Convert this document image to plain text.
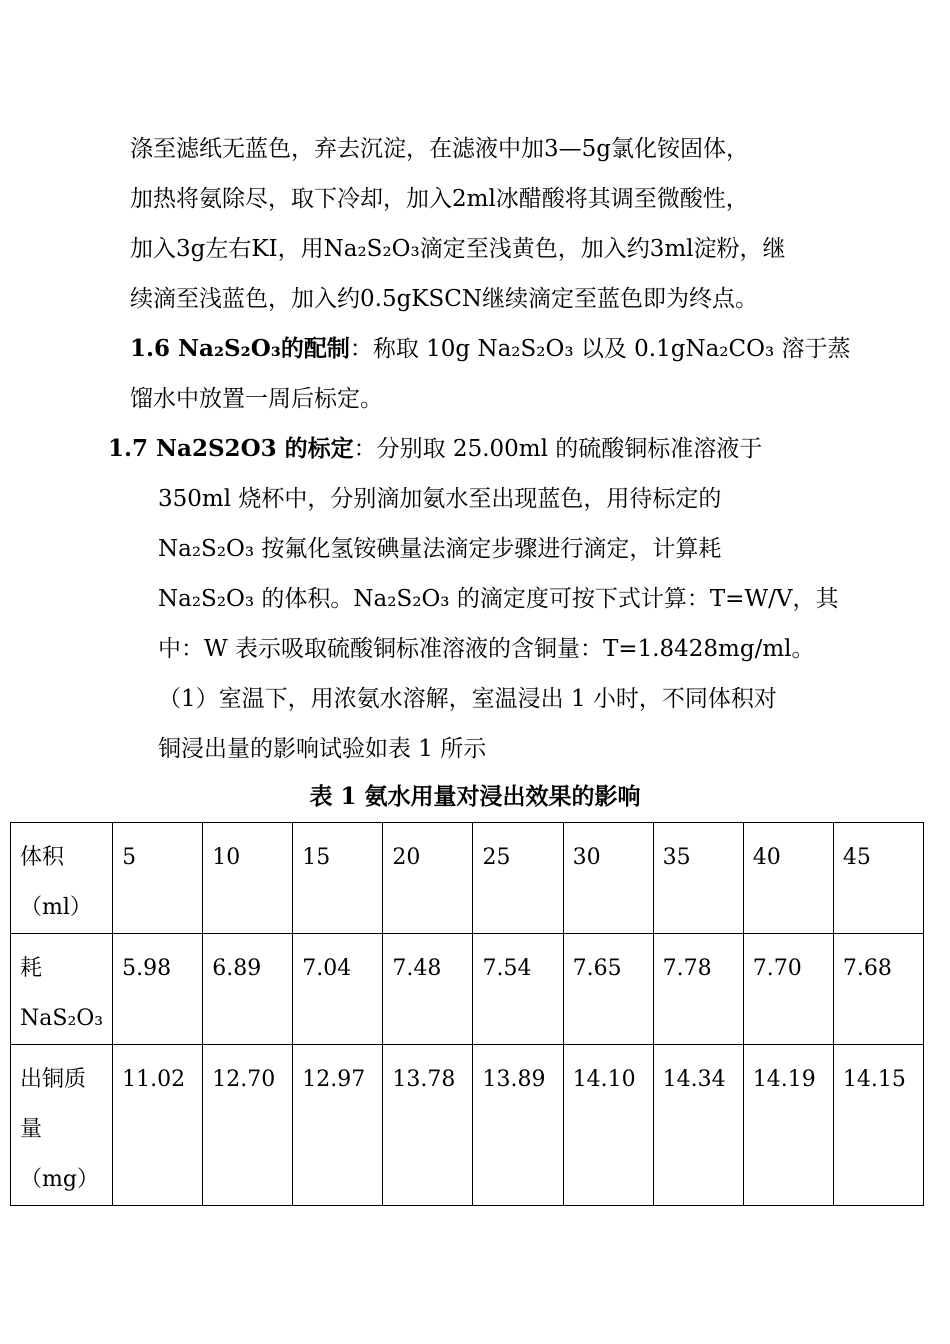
涤至滤纸无蓝色，弃去沉淀，在滤液中加3—5g氯化铵固体，
加热将氨除尽，取下冷却，加入2ml冰醋酸将其调至微酸性，
加入3g左右KI，用Na₂S₂O₃滴定至浅黄色，加入约3ml淀粉，继
续滴至浅蓝色，加入约0.5gKSCN继续滴定至蓝色即为终点。
1.6 Na₂S₂O₃的配制：称取 10g Na₂S₂O₃ 以及 0.1gNa₂CO₃ 溶于蒸
馏水中放置一周后标定。
1.7 Na2S2O3 的标定：分别取 25.00ml 的硫酸铜标准溶液于
350ml 烧杯中，分别滴加氨水至出现蓝色，用待标定的
Na₂S₂O₃ 按氟化氢铵碘量法滴定步骤进行滴定，计算耗
Na₂S₂O₃ 的体积。Na₂S₂O₃ 的滴定度可按下式计算：T=W/V，其
中：W 表示吸取硫酸铜标准溶液的含铜量：T=1.8428mg/ml。
（1）室温下，用浓氨水溶解，室温浸出 1 小时，不同体积对
铜浸出量的影响试验如表 1 所示
表 1 氨水用量对浸出效果的影响
体积
（ml）	5	10	15	20	25	30	35	40	45

耗
NaS₂O₃	5.98	6.89	7.04	7.48	7.54	7.65	7.78	7.70	7.68

出铜质
量
（mg）	11.02	12.70	12.97	13.78	13.89	14.10	14.34	14.19	14.15
